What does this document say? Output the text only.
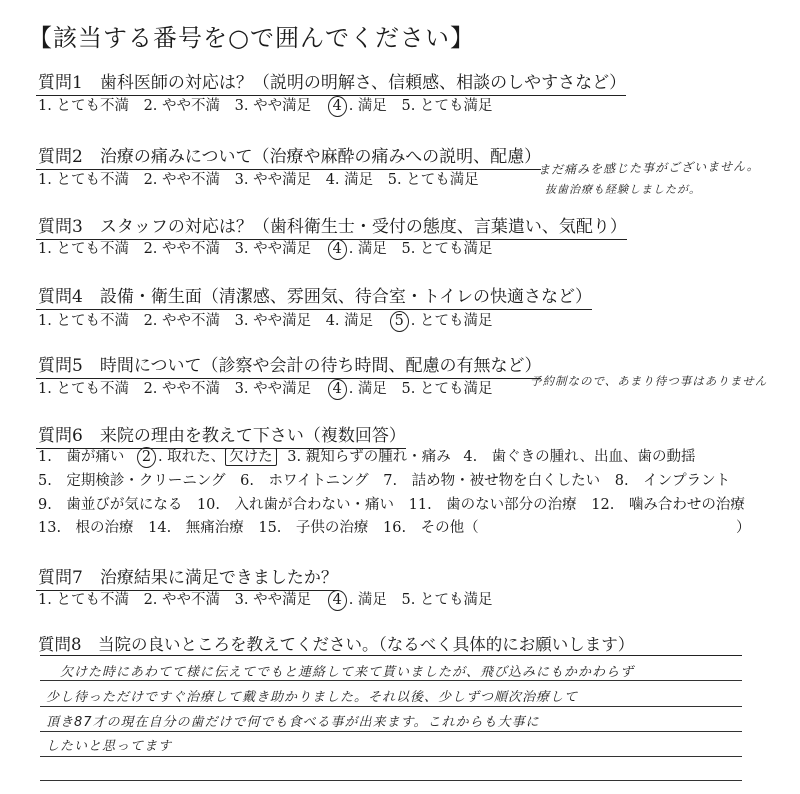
【該当する番号を○で囲んでください】
質問1　歯科医師の対応は？（説明の明解さ、信頼感、相談のしやすさなど）
1. とても不満 2. やや不満 3. やや満足 4 . 満足 5. とても満足
質問2　治療の痛みについて（治療や麻酔の痛みへの説明、配慮）
1. とても不満 2. やや不満 3. やや満足 4. 満足 5. とても満足
まだ痛みを感じた事がございません。
抜歯治療も経験しましたが。
質問3　スタッフの対応は？（歯科衛生士・受付の態度、言葉遣い、気配り）
1. とても不満 2. やや不満 3. やや満足 4 . 満足 5. とても満足
質問4　設備・衛生面（清潔感、雰囲気、待合室・トイレの快適さなど）
1. とても不満 2. やや不満 3. やや満足 4. 満足 5 . とても満足
質問5　時間について（診察や会計の待ち時間、配慮の有無など）
1. とても不満 2. やや不満 3. やや満足 4 . 満足 5. とても満足	予約制なので、あまり待つ事はありません
質問6　来院の理由を教えて下さい（複数回答）
1.　歯が痛い 2 . 取れた、 欠けた 3. 親知らずの腫れ・痛み 4.　歯ぐきの腫れ、出血、歯の動揺
5.　定期検診・クリーニング 6.　ホワイトニング 7.　詰め物・被せ物を白くしたい 8.　インプラント
9.　歯並びが気になる 10.　入れ歯が合わない・痛い 11.　歯のない部分の治療 12.　噛み合わせの治療
13.　根の治療 14.　無痛治療 15.　子供の治療 16.　その他（	）
質問7　治療結果に満足できましたか？
1. とても不満 2. やや不満 3. やや満足 4 . 満足 5. とても満足
質問8　当院の良いところを教えてください。（なるべく具体的にお願いします）
欠けた時にあわてて様に伝えてでもと連絡して来て貰いましたが、飛び込みにもかかわらず
少し待っただけですぐ治療して戴き助かりました。それ以後、少しずつ順次治療して
頂き87才の現在自分の歯だけで何でも食べる事が出来ます。これからも大事に
したいと思ってます
